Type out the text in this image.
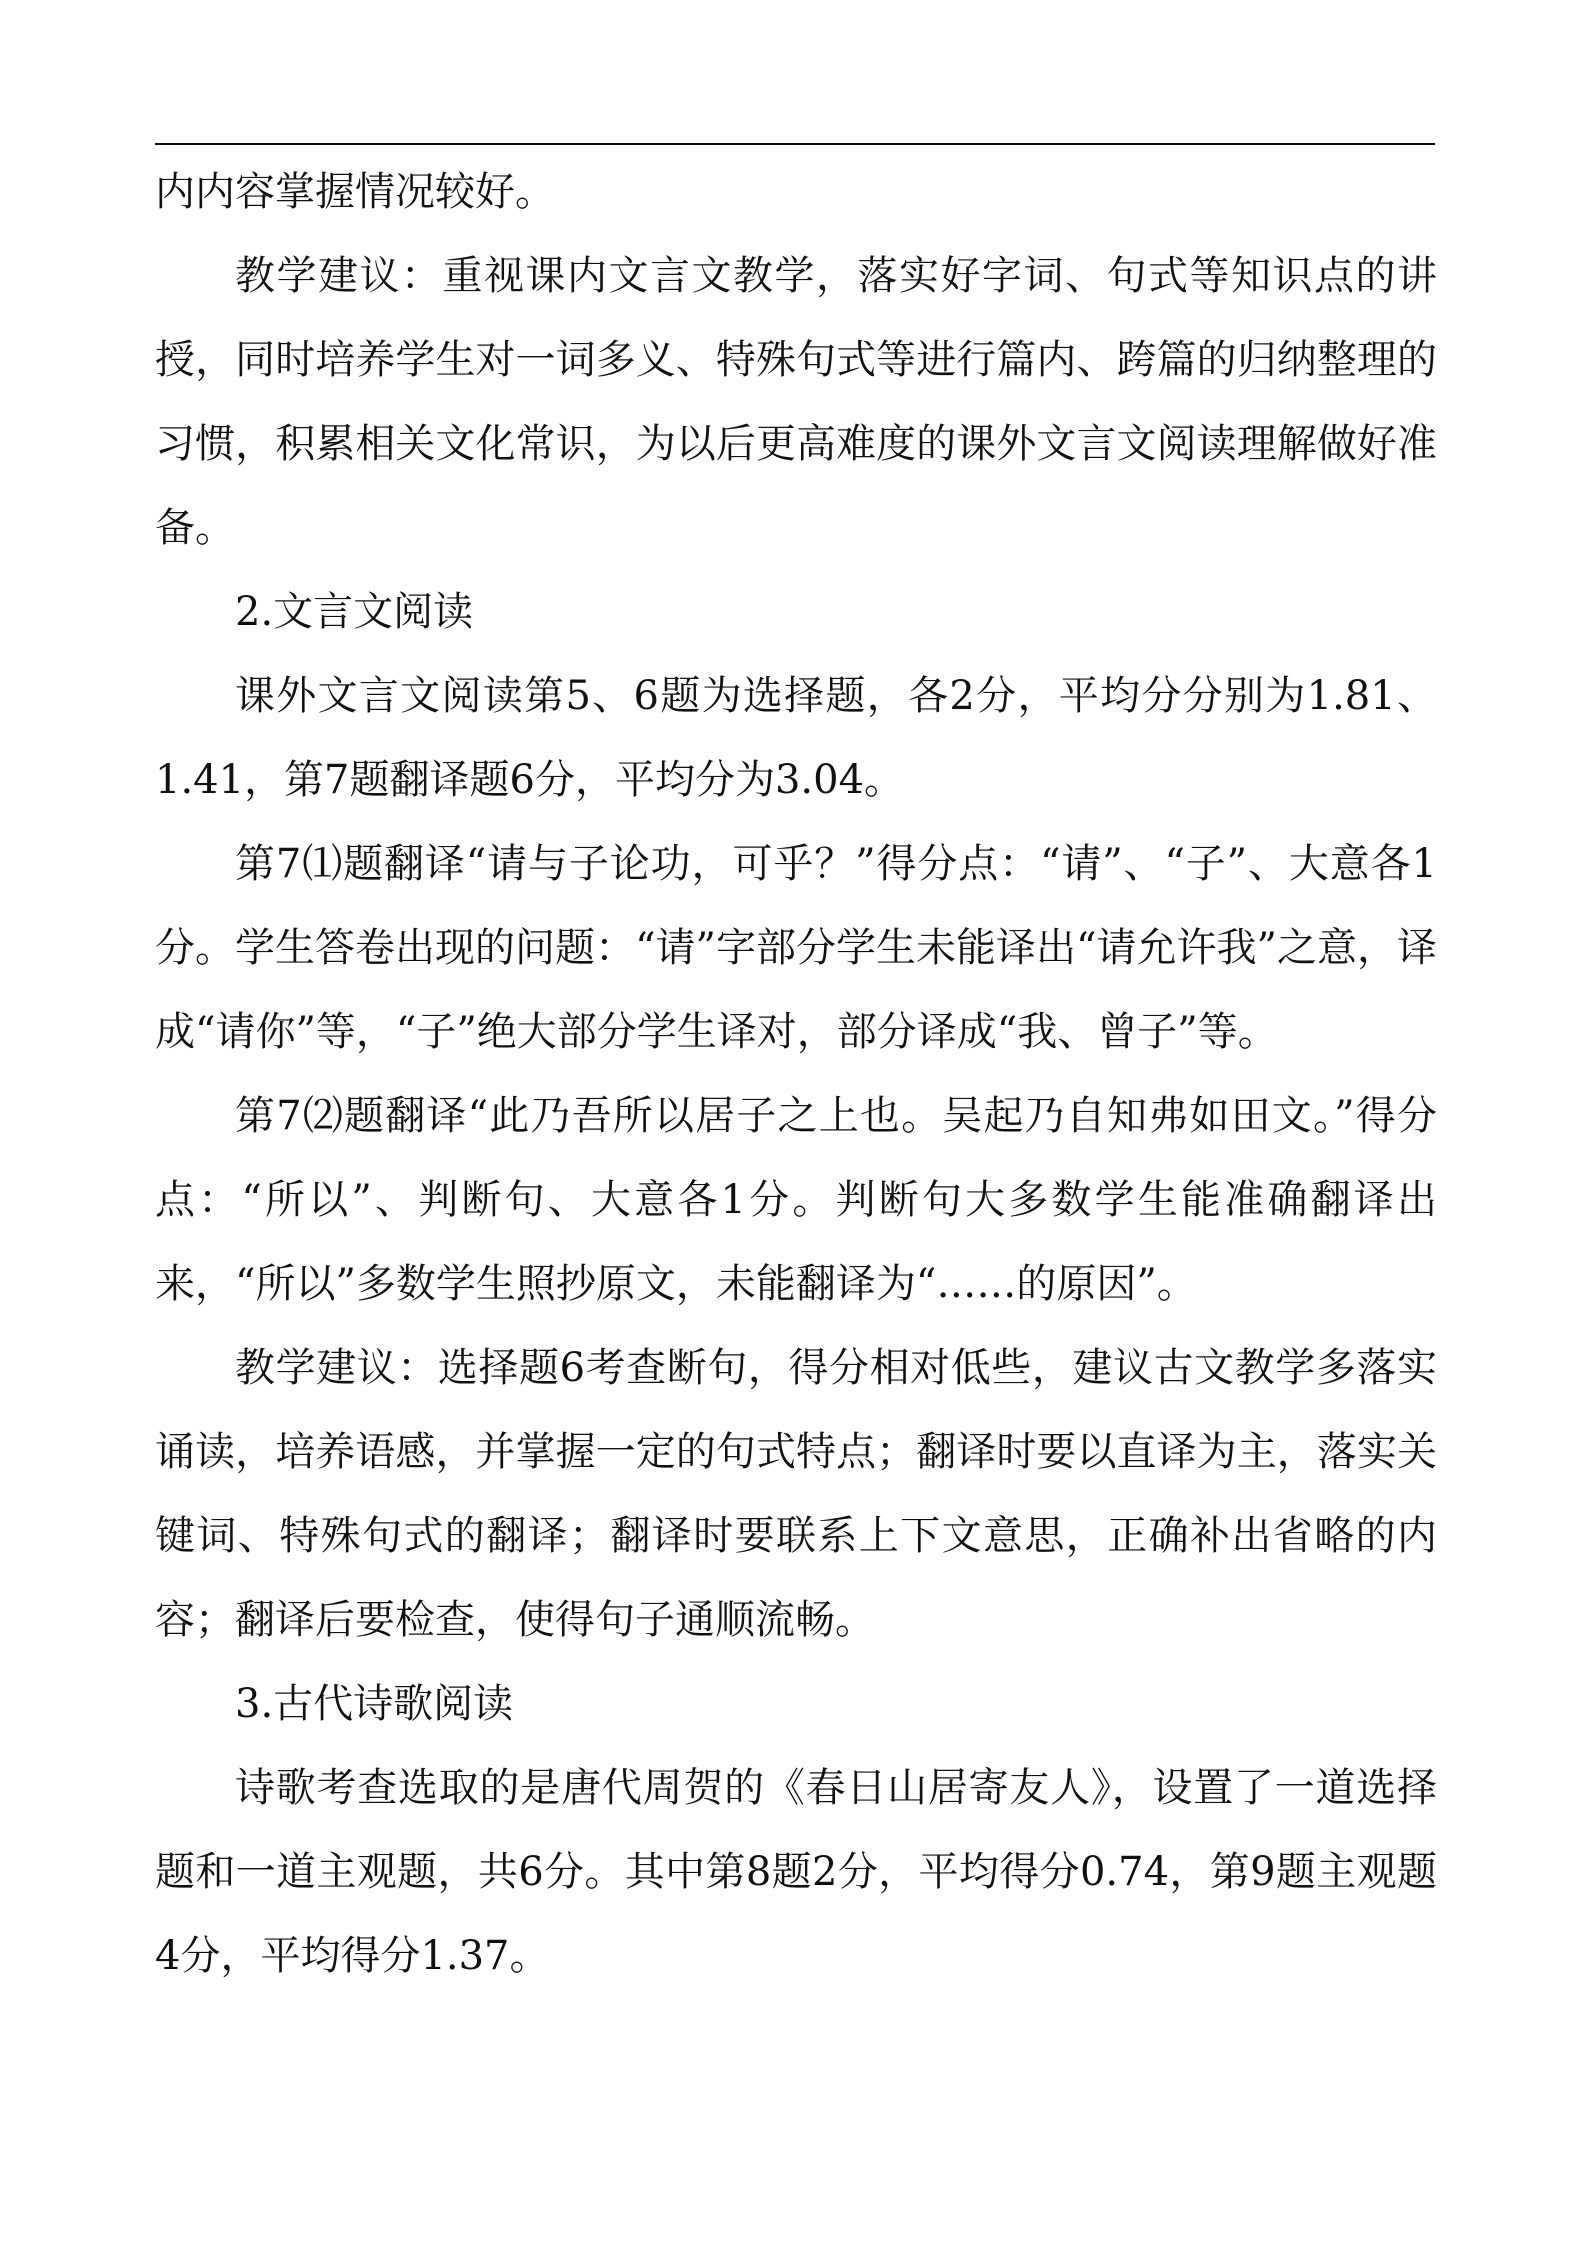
内内容掌握情况较好。

教学建议：重视课内文言文教学，落实好字词、句式等知识点的讲授，同时培养学生对一词多义、特殊句式等进行篇内、跨篇的归纳整理的习惯，积累相关文化常识，为以后更高难度的课外文言文阅读理解做好准备。

2.文言文阅读

课外文言文阅读第5、6题为选择题，各2分，平均分分别为1.81、1.41，第7题翻译题6分，平均分为3.04。

第7⑴题翻译“请与子论功，可乎？”得分点：“请”、“子”、大意各1分。学生答卷出现的问题：“请”字部分学生未能译出“请允许我”之意，译成“请你”等，“子”绝大部分学生译对，部分译成“我、曾子”等。

第7⑵题翻译“此乃吾所以居子之上也。吴起乃自知弗如田文。”得分点：“所以”、判断句、大意各1分。判断句大多数学生能准确翻译出来，“所以”多数学生照抄原文，未能翻译为“……的原因”。

教学建议：选择题6考查断句，得分相对低些，建议古文教学多落实诵读，培养语感，并掌握一定的句式特点；翻译时要以直译为主，落实关键词、特殊句式的翻译；翻译时要联系上下文意思，正确补出省略的内容；翻译后要检查，使得句子通顺流畅。

3.古代诗歌阅读

诗歌考查选取的是唐代周贺的《春日山居寄友人》，设置了一道选择题和一道主观题，共6分。其中第8题2分，平均得分0.74，第9题主观题4分，平均得分1.37。
